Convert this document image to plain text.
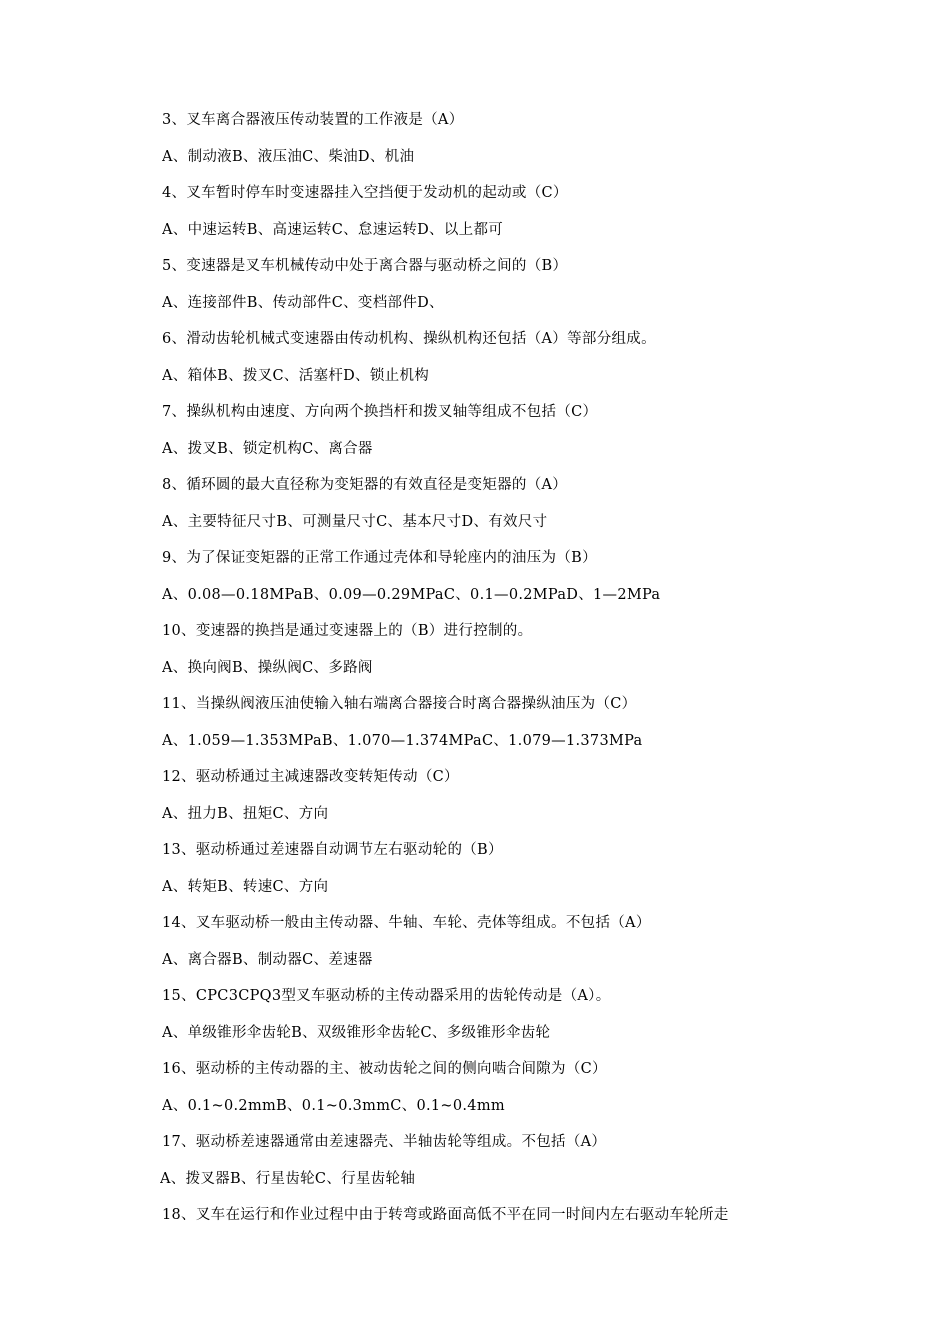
3、叉车离合器液压传动装置的工作液是（A）
A、制动液B、液压油C、柴油D、机油
4、叉车暂时停车时变速器挂入空挡便于发动机的起动或（C）
A、中速运转B、高速运转C、怠速运转D、以上都可
5、变速器是叉车机械传动中处于离合器与驱动桥之间的（B）
A、连接部件B、传动部件C、变档部件D、
6、滑动齿轮机械式变速器由传动机构、操纵机构还包括（A）等部分组成。
A、箱体B、拨叉C、活塞杆D、锁止机构
7、操纵机构由速度、方向两个换挡杆和拨叉轴等组成不包括（C）
A、拨叉B、锁定机构C、离合器
8、循环圆的最大直径称为变矩器的有效直径是变矩器的（A）
A、主要特征尺寸B、可测量尺寸C、基本尺寸D、有效尺寸
9、为了保证变矩器的正常工作通过壳体和导轮座内的油压为（B）
A、0.08—0.18MPaB、0.09—0.29MPaC、0.1—0.2MPaD、1—2MPa
10、变速器的换挡是通过变速器上的（B）进行控制的。
A、换向阀B、操纵阀C、多路阀
11、当操纵阀液压油使输入轴右端离合器接合时离合器操纵油压为（C）
A、1.059—1.353MPaB、1.070—1.374MPaC、1.079—1.373MPa
12、驱动桥通过主减速器改变转矩传动（C）
A、扭力B、扭矩C、方向
13、驱动桥通过差速器自动调节左右驱动轮的（B）
A、转矩B、转速C、方向
14、叉车驱动桥一般由主传动器、牛轴、车轮、壳体等组成。不包括（A）
A、离合器B、制动器C、差速器
15、CPC3CPQ3型叉车驱动桥的主传动器采用的齿轮传动是（A）。
A、单级锥形伞齿轮B、双级锥形伞齿轮C、多级锥形伞齿轮
16、驱动桥的主传动器的主、被动齿轮之间的侧向啮合间隙为（C）
A、0.1~0.2mmB、0.1~0.3mmC、0.1~0.4mm
17、驱动桥差速器通常由差速器壳、半轴齿轮等组成。不包括（A）
A、拨叉器B、行星齿轮C、行星齿轮轴
18、叉车在运行和作业过程中由于转弯或路面高低不平在同一时间内左右驱动车轮所走
